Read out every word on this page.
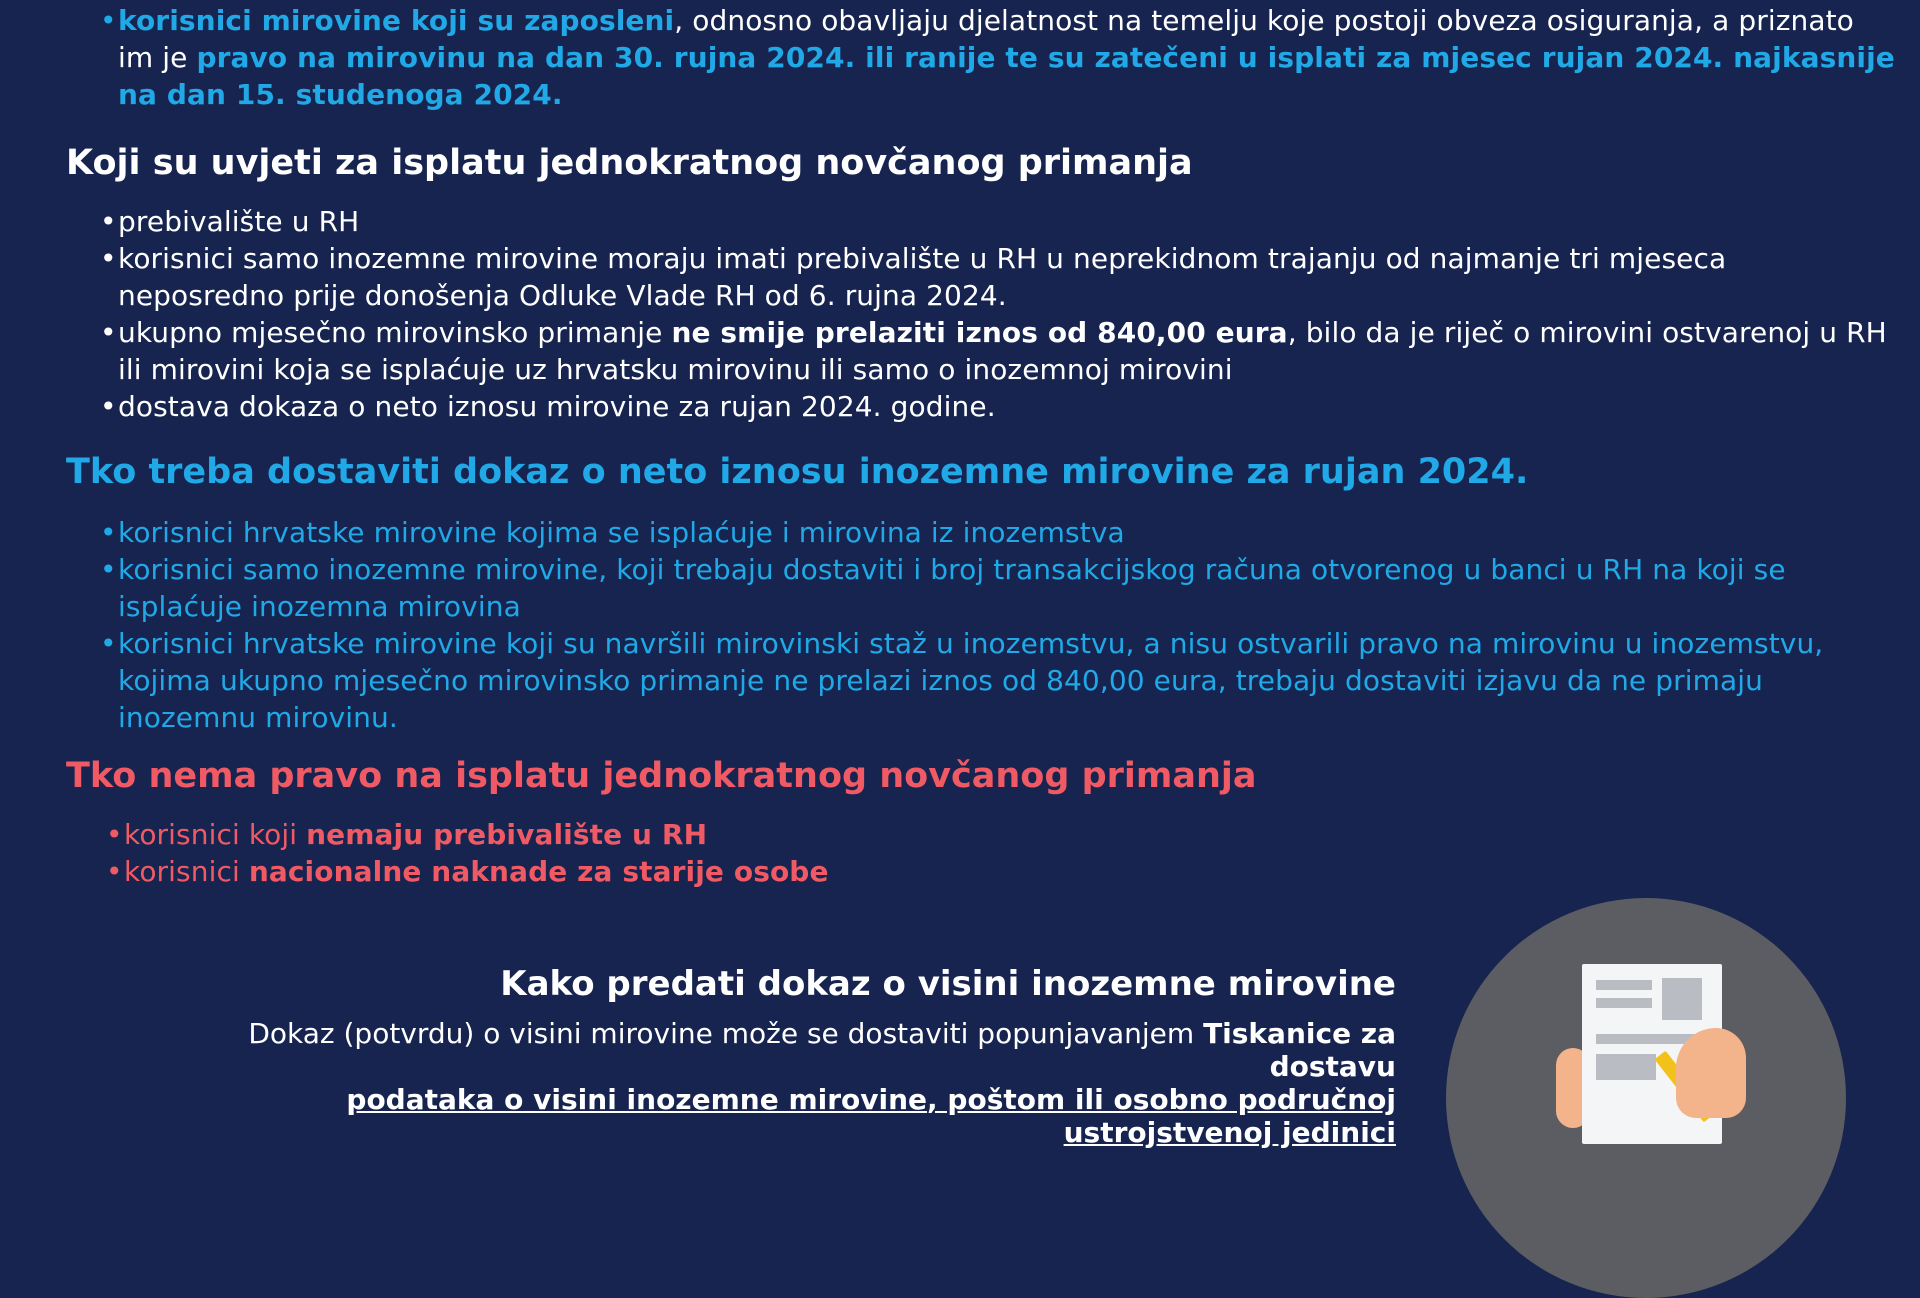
• korisnici mirovine koji su zaposleni, odnosno obavljaju djelatnost na temelju koje postoji obveza osiguranja, a priznato im je pravo na mirovinu na dan 30. rujna 2024. ili ranije te su zatečeni u isplati za mjesec rujan 2024. najkasnije na dan 15. studenoga 2024.
Koji su uvjeti za isplatu jednokratnog novčanog primanja
• prebivalište u RH
• korisnici samo inozemne mirovine moraju imati prebivalište u RH u neprekidnom trajanju od najmanje tri mjeseca neposredno prije donošenja Odluke Vlade RH od 6. rujna 2024.
• ukupno mjesečno mirovinsko primanje ne smije prelaziti iznos od 840,00 eura, bilo da je riječ o mirovini ostvarenoj u RH ili mirovini koja se isplaćuje uz hrvatsku mirovinu ili samo o inozemnoj mirovini
• dostava dokaza o neto iznosu mirovine za rujan 2024. godine.
Tko treba dostaviti dokaz o neto iznosu inozemne mirovine za rujan 2024.
• korisnici hrvatske mirovine kojima se isplaćuje i mirovina iz inozemstva
• korisnici samo inozemne mirovine, koji trebaju dostaviti i broj transakcijskog računa otvorenog u banci u RH na koji se isplaćuje inozemna mirovina
• korisnici hrvatske mirovine koji su navršili mirovinski staž u inozemstvu, a nisu ostvarili pravo na mirovinu u inozemstvu, kojima ukupno mjesečno mirovinsko primanje ne prelazi iznos od 840,00 eura, trebaju dostaviti izjavu da ne primaju inozemnu mirovinu.
Tko nema pravo na isplatu jednokratnog novčanog primanja
• korisnici koji nemaju prebivalište u RH
• korisnici nacionalne naknade za starije osobe
Kako predati dokaz o visini inozemne mirovine

Dokaz (potvrdu) o visini mirovine može se dostaviti popunjavanjem Tiskanice za dostavu
podataka o visini inozemne mirovine, poštom ili osobno područnoj ustrojstvenoj jedinici
